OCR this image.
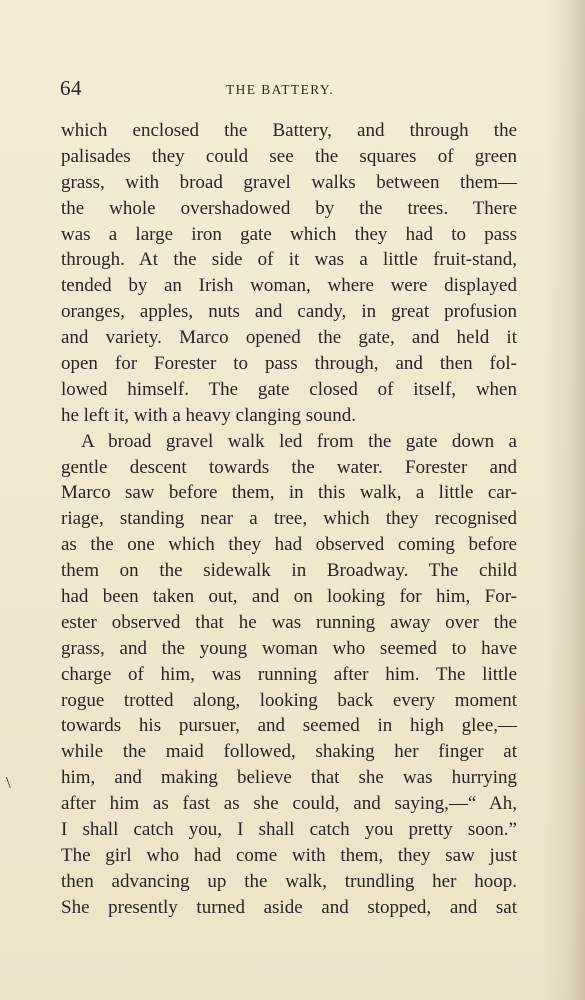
64	THE BATTERY.
\
which enclosed the Battery, and through the
palisades they could see the squares of green
grass, with broad gravel walks between them—
the whole overshadowed by the trees. There
was a large iron gate which they had to pass
through. At the side of it was a little fruit-stand,
tended by an Irish woman, where were displayed
oranges, apples, nuts and candy, in great profusion
and variety. Marco opened the gate, and held it
open for Forester to pass through, and then fol-
lowed himself. The gate closed of itself, when
he left it, with a heavy clanging sound.
A broad gravel walk led from the gate down a
gentle descent towards the water. Forester and
Marco saw before them, in this walk, a little car-
riage, standing near a tree, which they recognised
as the one which they had observed coming before
them on the sidewalk in Broadway. The child
had been taken out, and on looking for him, For-
ester observed that he was running away over the
grass, and the young woman who seemed to have
charge of him, was running after him. The little
rogue trotted along, looking back every moment
towards his pursuer, and seemed in high glee,—
while the maid followed, shaking her finger at
him, and making believe that she was hurrying
after him as fast as she could, and saying,—“ Ah,
I shall catch you, I shall catch you pretty soon.”
The girl who had come with them, they saw just
then advancing up the walk, trundling her hoop.
She presently turned aside and stopped, and sat
